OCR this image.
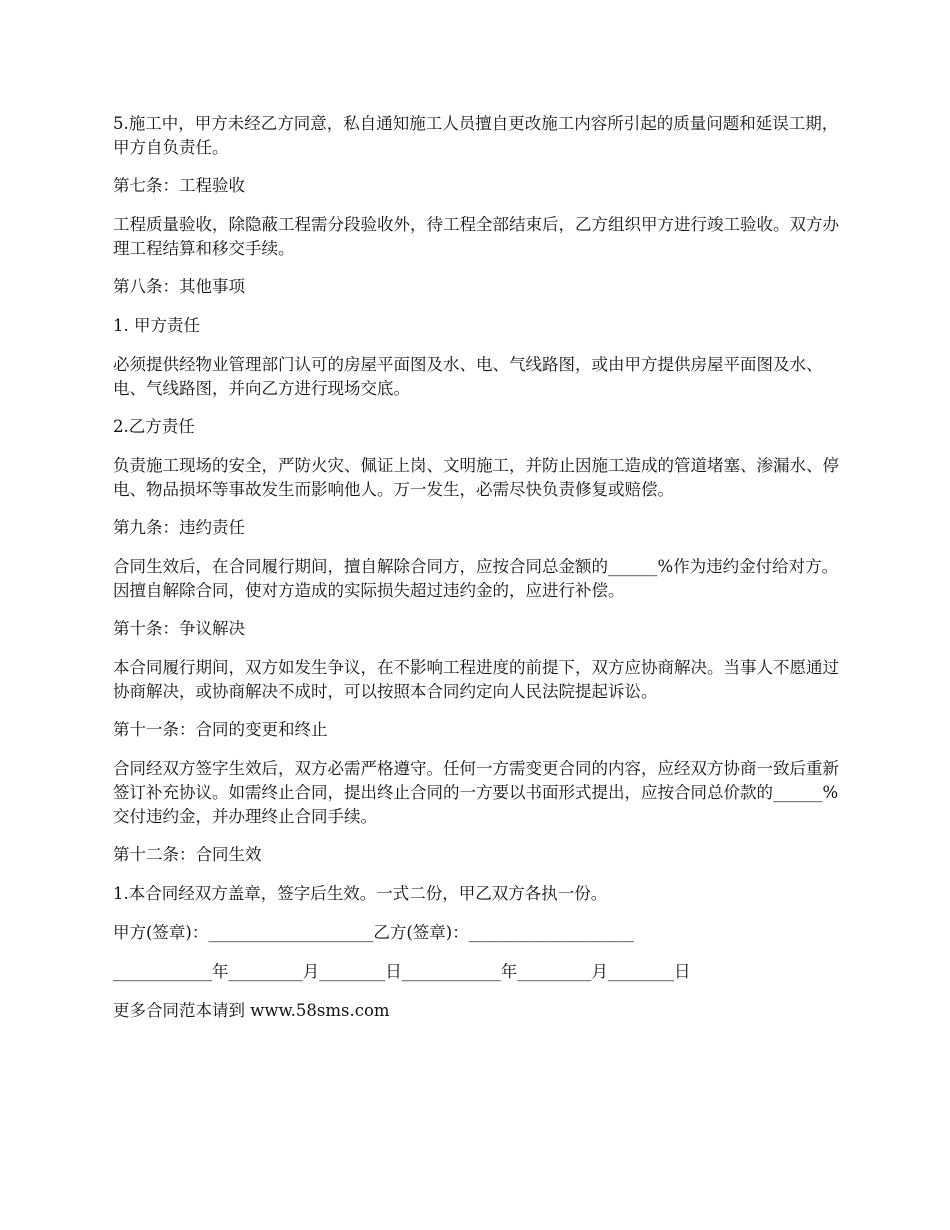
5.施工中，甲方未经乙方同意，私自通知施工人员擅自更改施工内容所引起的质量问题和延误工期，甲方自负责任。

第七条：工程验收

工程质量验收，除隐蔽工程需分段验收外，待工程全部结束后，乙方组织甲方进行竣工验收。双方办理工程结算和移交手续。

第八条：其他事项

1. 甲方责任

必须提供经物业管理部门认可的房屋平面图及水、电、气线路图，或由甲方提供房屋平面图及水、电、气线路图，并向乙方进行现场交底。

2.乙方责任

负责施工现场的安全，严防火灾、佩证上岗、文明施工，并防止因施工造成的管道堵塞、渗漏水、停电、物品损坏等事故发生而影响他人。万一发生，必需尽快负责修复或赔偿。

第九条：违约责任

合同生效后，在合同履行期间，擅自解除合同方，应按合同总金额的______%作为违约金付给对方。因擅自解除合同，使对方造成的实际损失超过违约金的，应进行补偿。

第十条：争议解决

本合同履行期间，双方如发生争议，在不影响工程进度的前提下，双方应协商解决。当事人不愿通过协商解决，或协商解决不成时，可以按照本合同约定向人民法院提起诉讼。

第十一条：合同的变更和终止

合同经双方签字生效后，双方必需严格遵守。任何一方需变更合同的内容，应经双方协商一致后重新签订补充协议。如需终止合同，提出终止合同的一方要以书面形式提出，应按合同总价款的______%交付违约金，并办理终止合同手续。

第十二条：合同生效

1.本合同经双方盖章，签字后生效。一式二份，甲乙双方各执一份。

甲方(签章)：____________________乙方(签章)：____________________

____________年_________月________日____________年_________月________日

更多合同范本请到 www.58sms.com
